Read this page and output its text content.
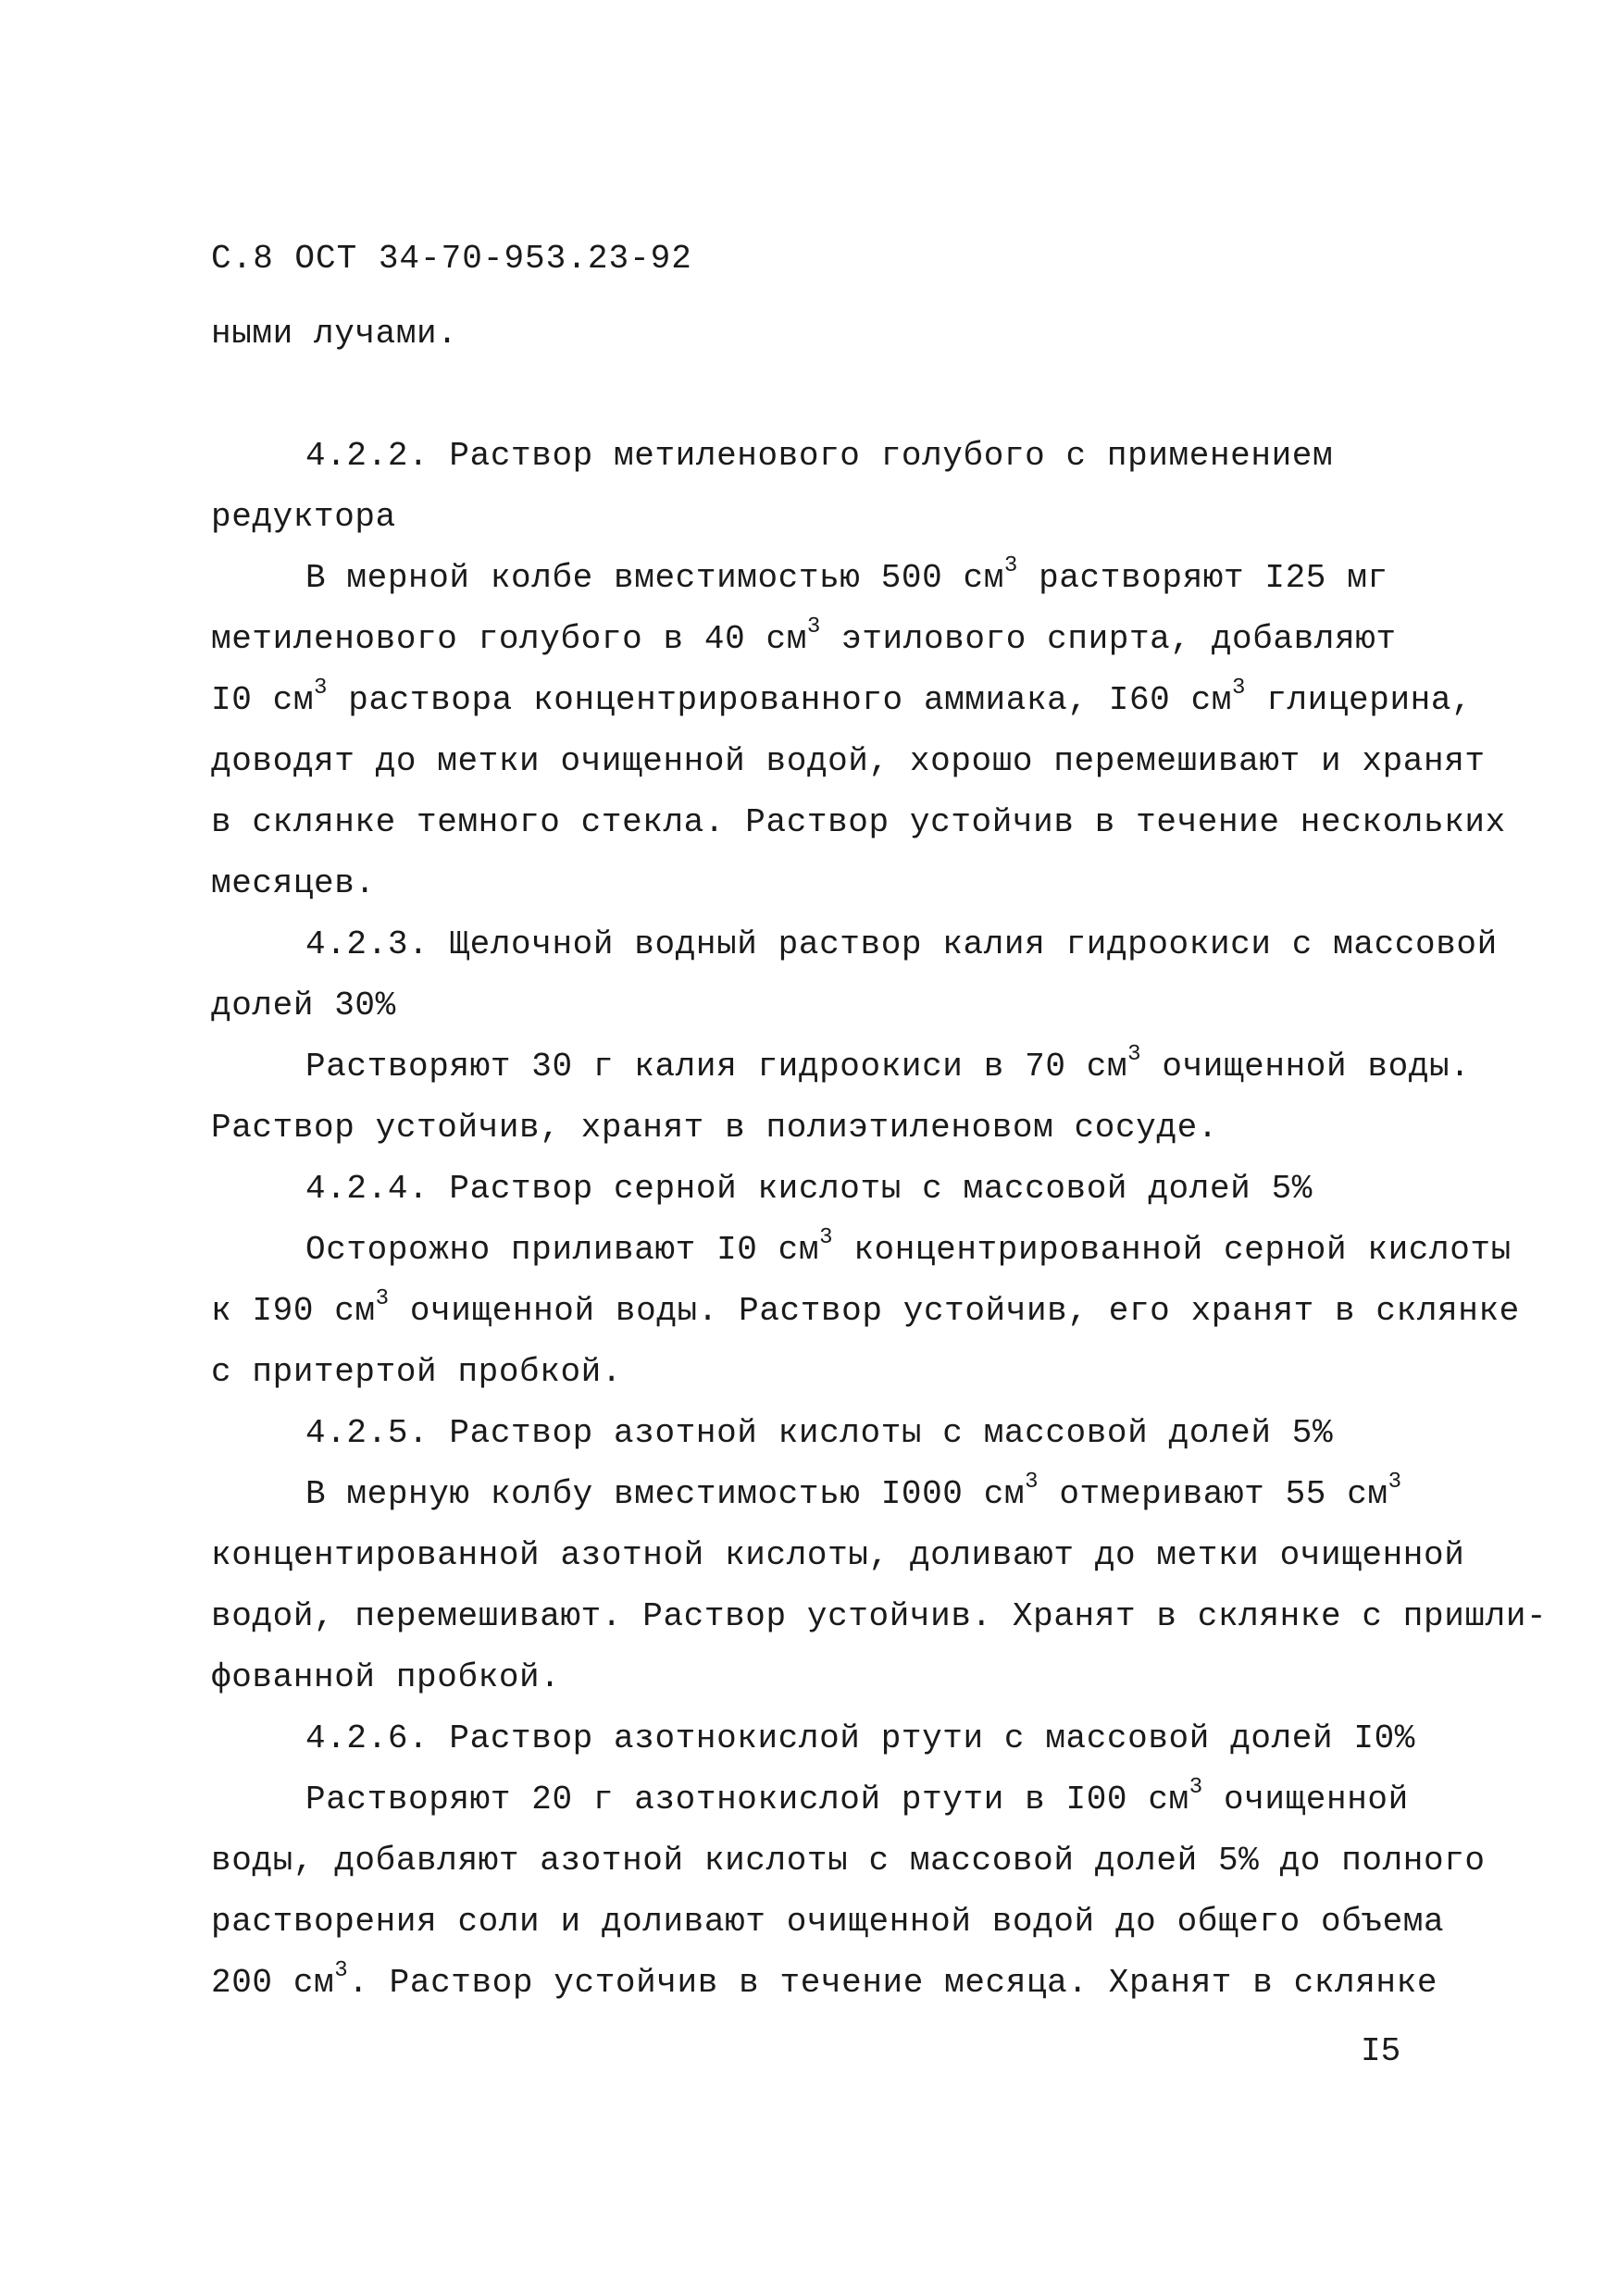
С.8 ОСТ 34-70-953.23-92
ными лучами.
4.2.2. Раствор метиленового голубого с применением
редуктора
В мерной колбе вместимостью 500 $см^3$ растворяют I25 мг
метиленового голубого в 40 $см^3$ этилового спирта, добавляют
I0 $см^3$ раствора концентрированного аммиака, I60 $см^3$ глицерина,
доводят до метки очищенной водой, хорошо перемешивают и хранят
в склянке темного стекла. Раствор устойчив в течение нескольких
месяцев.
4.2.3. Щелочной водный раствор калия гидроокиси с массовой
долей 30%
Растворяют 30 г калия гидроокиси в 70 $см^3$ очищенной воды.
Раствор устойчив, хранят в полиэтиленовом сосуде.
4.2.4. Раствор серной кислоты с массовой долей 5%
Осторожно приливают I0 $см^3$ концентрированной серной кислоты
к I90 $см^3$ очищенной воды. Раствор устойчив, его хранят в склянке
с притертой пробкой.
4.2.5. Раствор азотной кислоты с массовой долей 5%
В мерную колбу вместимостью I000 $см^3$ отмеривают 55 $см^3$
концентированной азотной кислоты, доливают до метки очищенной
водой, перемешивают. Раствор устойчив. Хранят в склянке с пришли-
фованной пробкой.
4.2.6. Раствор азотнокислой ртути с массовой долей I0%
Растворяют 20 г азотнокислой ртути в I00 $см^3$ очищенной
воды, добавляют азотной кислоты с массовой долей 5% до полного
растворения соли и доливают очищенной водой до общего объема
200 $см^3$. Раствор устойчив в течение месяца. Хранят в склянке
I5
